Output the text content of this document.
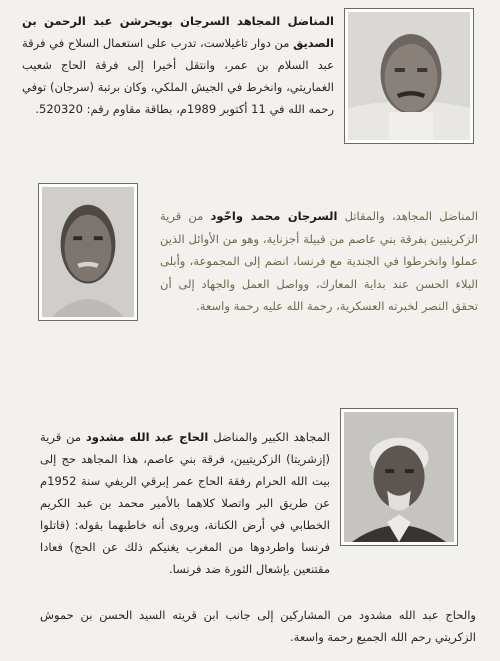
المناضل المجاهد السرجان بويحرشن عبد الرحمن بن الصديق من دوار تاغيلاست، تدرب على استعمال السلاح في فرقة عبد السلام بن عمر، وانتقل أخيرا إلى فرقة الحاج شعيب الغماريتي، وانخرط في الجيش الملكي، وكان برتبة (سرجان) توفي رحمه الله في 11 أكتوبر 1989م، بطاقة مقاوم رقم: 520320.

المناضل المجاهد، والمقاتل السرجان محمد واحّود من قرية الزكريتيين بفرقة بني عاصم من قبيلة أجزناية، وهو من الأوائل الذين عملوا وانخرطوا في الجندية مع فرنسا، انضم إلى المجموعة، وأبلى البلاء الحسن عند بداية المعارك، وواصل العمل والجهاد إلى أن تحقق النصر لخبرته العسكرية، رحمة الله عليه رحمة واسعة.

المجاهد الكبير والمناضل الحاج عبد الله مشدود من قرية (إزشريتا) الزكريتيين، فرقة بني عاصم، هذا المجاهد حج إلى بيت الله الحرام رفقة الحاج عمر إبرقي الريفي سنة 1952م عن طريق البر واتصلا كلاهما بالأمير محمد بن عبد الكريم الخطابي في أرض الكنانة، ويروى أنه خاطبهما بقوله: (قاتلوا فرنسا واطردوها من المغرب يغنيكم ذلك عن الحج) فعادا مقتنعين بإشعال الثورة ضد فرنسا.

والحاج عبد الله مشدود من المشاركين إلى جانب ابن قريته السيد الحسن بن حموش الزكريتي رحم الله الجميع رحمة واسعة.
